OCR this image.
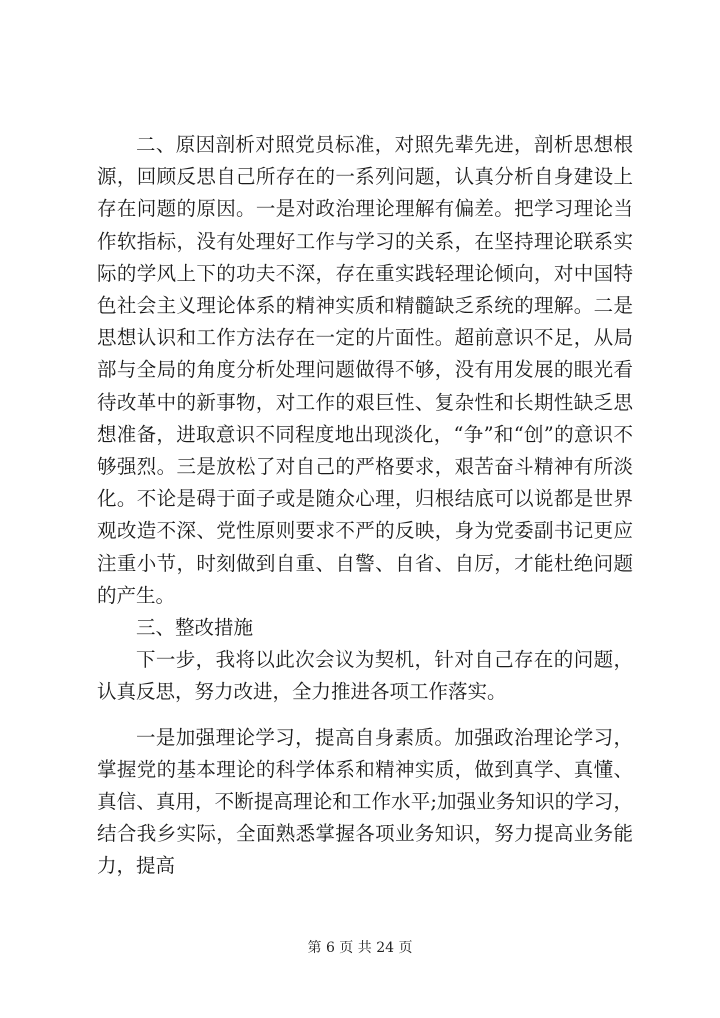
二、原因剖析对照党员标准，对照先辈先进，剖析思想根源，回顾反思自己所存在的一系列问题，认真分析自身建设上存在问题的原因。一是对政治理论理解有偏差。把学习理论当作软指标，没有处理好工作与学习的关系，在坚持理论联系实际的学风上下的功夫不深，存在重实践轻理论倾向，对中国特色社会主义理论体系的精神实质和精髓缺乏系统的理解。二是思想认识和工作方法存在一定的片面性。超前意识不足，从局部与全局的角度分析处理问题做得不够，没有用发展的眼光看待改革中的新事物，对工作的艰巨性、复杂性和长期性缺乏思想准备，进取意识不同程度地出现淡化，“争”和“创”的意识不够强烈。三是放松了对自己的严格要求，艰苦奋斗精神有所淡化。不论是碍于面子或是随众心理，归根结底可以说都是世界观改造不深、党性原则要求不严的反映，身为党委副书记更应注重小节，时刻做到自重、自警、自省、自厉，才能杜绝问题的产生。

三、整改措施

下一步，我将以此次会议为契机，针对自己存在的问题，认真反思，努力改进，全力推进各项工作落实。

一是加强理论学习，提高自身素质。加强政治理论学习，掌握党的基本理论的科学体系和精神实质，做到真学、真懂、真信、真用，不断提高理论和工作水平;加强业务知识的学习，结合我乡实际，全面熟悉掌握各项业务知识，努力提高业务能力，提高

第 6 页 共 24 页
